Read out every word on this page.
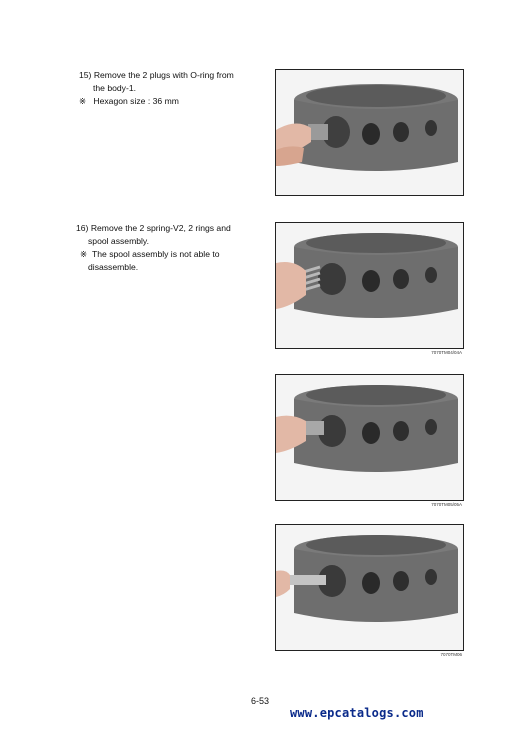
15) Remove the 2 plugs with O-ring from
the body-1.
※ Hexagon size : 36 mm
16) Remove the 2 spring-V2, 2 rings and
spool assembly.
※ The spool assembly is not able to
disassemble.
7070TM04/04A
7070TM05/05A
7070TM06
6-53
www.epcatalogs.com
